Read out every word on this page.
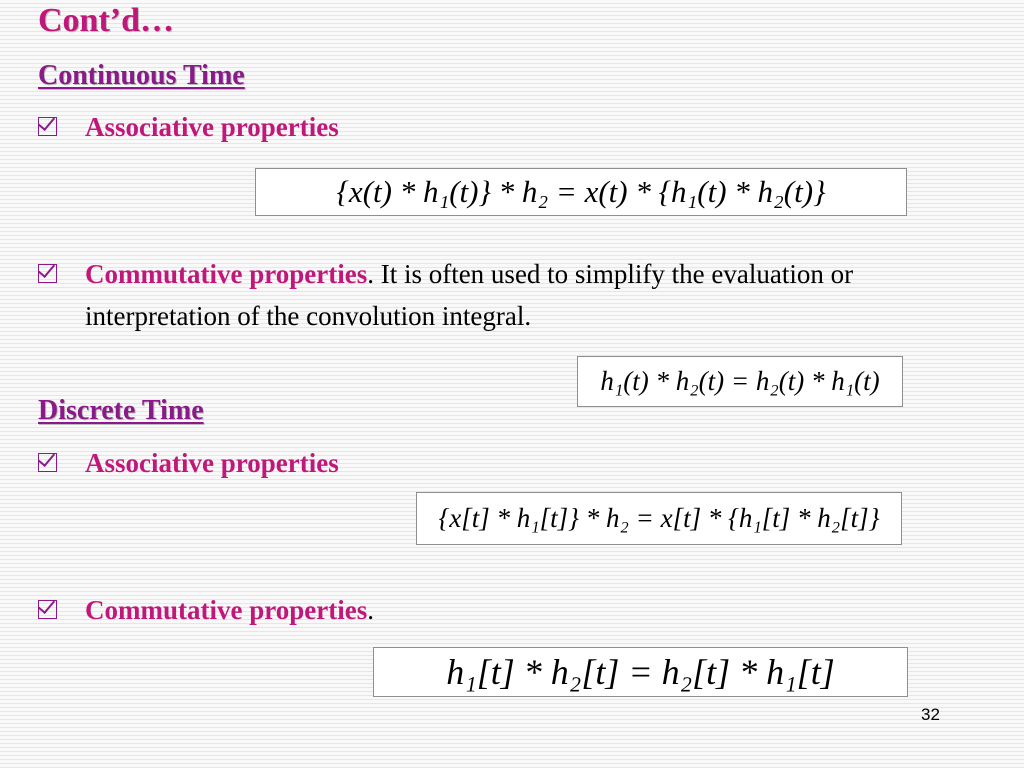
Cont’d…
Continuous Time
Associative properties
{x(t) * h₁(t)} * h₂ = x(t) * {h₁(t) * h₂(t)}
Commutative properties. It is often used to simplify the evaluation or interpretation of the convolution integral.
h₁(t) * h₂(t) = h₂(t) * h₁(t)
Discrete Time
Associative properties
{x[t] * h₁[t]} * h₂ = x[t] * {h₁[t] * h₂[t]}
Commutative properties.
h₁[t] * h₂[t] = h₂[t] * h₁[t]
32
